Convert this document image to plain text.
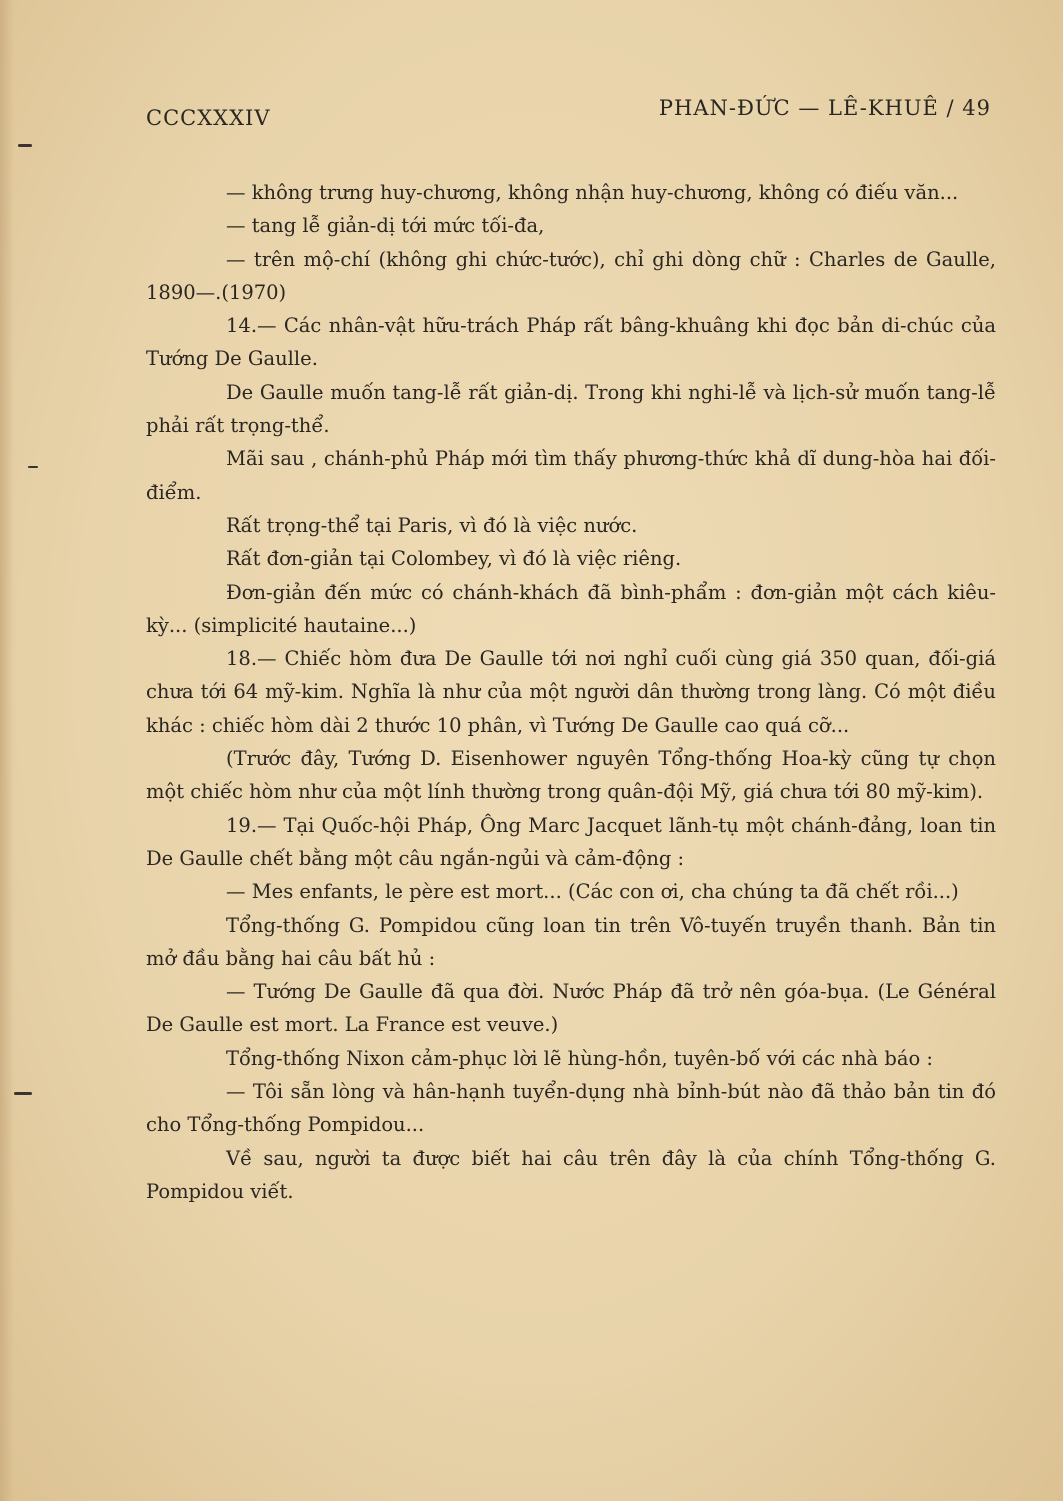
CCCXXXIV	PHAN-ĐỨC — LÊ-KHUÊ / 49

— không trưng huy-chương, không nhận huy-chương, không có điếu văn...

— tang lễ giản-dị tới mức tối-đa,

— trên mộ-chí (không ghi chức-tước), chỉ ghi dòng chữ : Charles de Gaulle, 1890—.(1970)

14.— Các nhân-vật hữu-trách Pháp rất bâng-khuâng khi đọc bản di-chúc của Tướng De Gaulle.

De Gaulle muốn tang-lễ rất giản-dị. Trong khi nghi-lễ và lịch-sử muốn tang-lễ phải rất trọng-thể.

Mãi sau , chánh-phủ Pháp mới tìm thấy phương-thức khả dĩ dung-hòa hai đối-điểm.

Rất trọng-thể tại Paris, vì đó là việc nước.

Rất đơn-giản tại Colombey, vì đó là việc riêng.

Đơn-giản đến mức có chánh-khách đã bình-phẩm : đơn-giản một cách kiêu-kỳ... (simplicité hautaine...)

18.— Chiếc hòm đưa De Gaulle tới nơi nghỉ cuối cùng giá 350 quan, đối-giá chưa tới 64 mỹ-kim. Nghĩa là như của một người dân thường trong làng. Có một điều khác : chiếc hòm dài 2 thước 10 phân, vì Tướng De Gaulle cao quá cỡ...

(Trước đây, Tướng D. Eisenhower nguyên Tổng-thống Hoa-kỳ cũng tự chọn một chiếc hòm như của một lính thường trong quân-đội Mỹ, giá chưa tới 80 mỹ-kim).

19.— Tại Quốc-hội Pháp, Ông Marc Jacquet lãnh-tụ một chánh-đảng, loan tin De Gaulle chết bằng một câu ngắn-ngủi và cảm-động :

— Mes enfants, le père est mort... (Các con ơi, cha chúng ta đã chết rồi...)

Tổng-thống G. Pompidou cũng loan tin trên Vô-tuyến truyền thanh. Bản tin mở đầu bằng hai câu bất hủ :

— Tướng De Gaulle đã qua đời. Nước Pháp đã trở nên góa-bụa. (Le Général De Gaulle est mort. La France est veuve.)

Tổng-thống Nixon cảm-phục lời lẽ hùng-hồn, tuyên-bố với các nhà báo :

— Tôi sẵn lòng và hân-hạnh tuyển-dụng nhà bỉnh-bút nào đã thảo bản tin đó cho Tổng-thống Pompidou...

Về sau, người ta được biết hai câu trên đây là của chính Tổng-thống G. Pompidou viết.
